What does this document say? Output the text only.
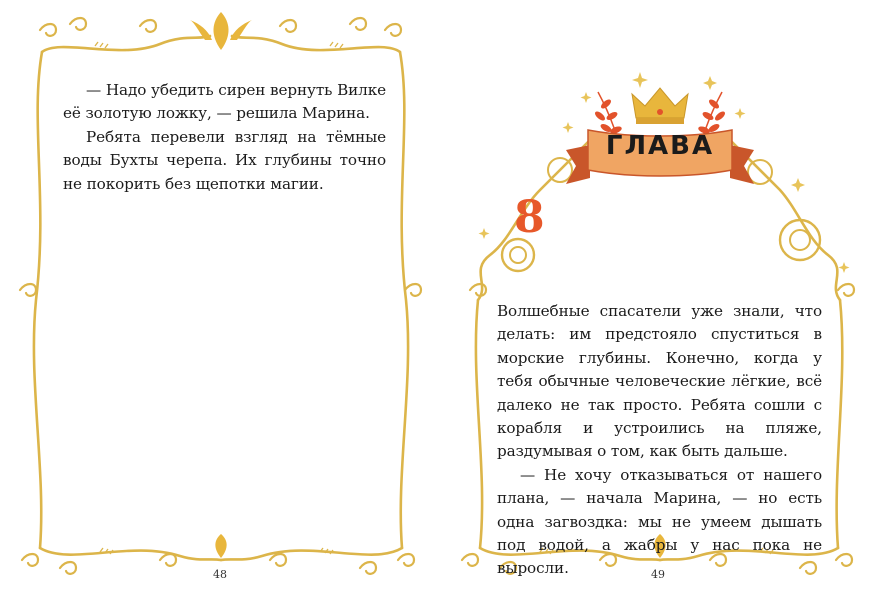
ГЛАВА
8

— Надо убедить сирен вернуть Вилке её золотую ложку, — решила Марина.

Ребята перевели взгляд на тёмные воды Бухты черепа. Их глубины точно не покорить без щепотки магии.

Волшебные спасатели уже знали, что делать: им предстояло спуститься в морские глубины. Конечно, когда у тебя обычные человеческие лёгкие, всё далеко не так просто. Ребята сошли с корабля и устроились на пляже, раздумывая о том, как быть дальше.

— Не хочу отказываться от нашего плана, — начала Марина, — но есть одна загвоздка: мы не умеем дышать под водой, а жабры у нас пока не выросли.

48	49
